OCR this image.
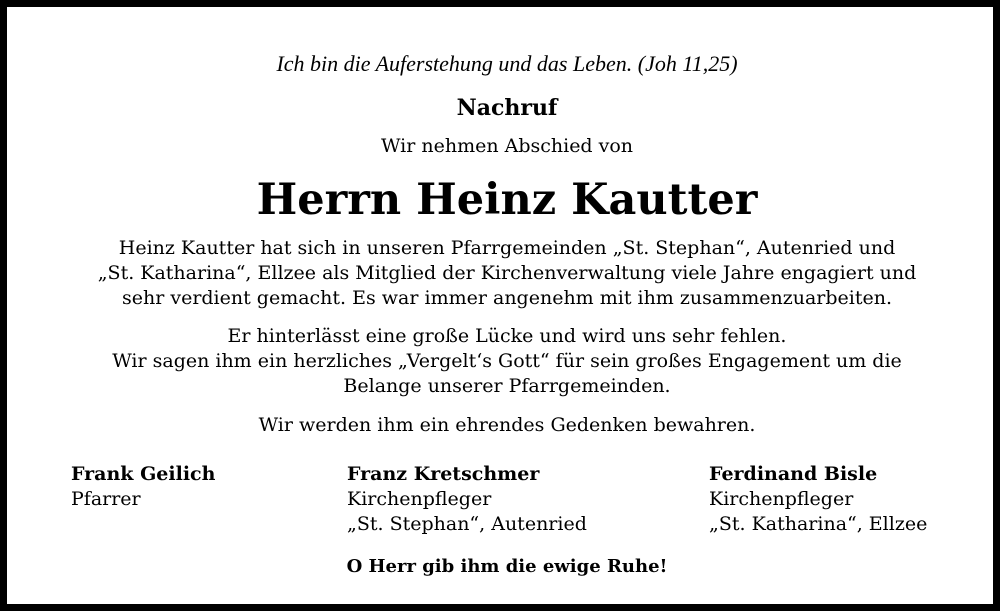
Ich bin die Auferstehung und das Leben. (Joh 11,25)
Nachruf
Wir nehmen Abschied von
Herrn Heinz Kautter
Heinz Kautter hat sich in unseren Pfarrgemeinden „St. Stephan“, Autenried und
„St. Katharina“, Ellzee als Mitglied der Kirchenverwaltung viele Jahre engagiert und
sehr verdient gemacht. Es war immer angenehm mit ihm zusammenzuarbeiten.
Er hinterlässt eine große Lücke und wird uns sehr fehlen.
Wir sagen ihm ein herzliches „Vergelt‘s Gott“ für sein großes Engagement um die
Belange unserer Pfarrgemeinden.
Wir werden ihm ein ehrendes Gedenken bewahren.
Frank Geilich
Pfarrer
Franz Kretschmer
Kirchenpfleger
„St. Stephan“, Autenried
Ferdinand Bisle
Kirchenpfleger
„St. Katharina“, Ellzee
O Herr gib ihm die ewige Ruhe!
